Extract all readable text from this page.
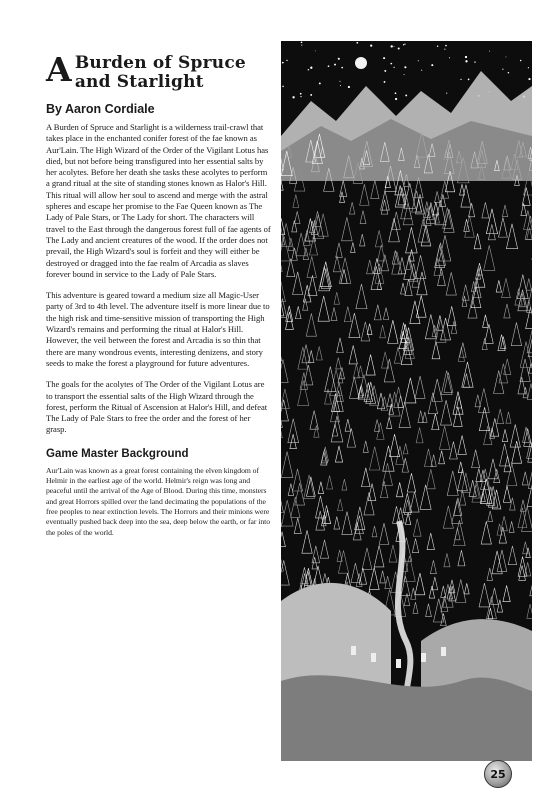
A Burden of Spruce and Starlight
By Aaron Cordiale

A Burden of Spruce and Starlight is a wilderness trail-crawl that takes place in the enchanted conifer forest of the fae known as Aur'Lain. The High Wizard of the Order of the Vigilant Lotus has died, but not before being transfigured into her essential salts by her acolytes. Before her death she tasks these acolytes to perform a grand ritual at the site of standing stones known as Halor's Hill. This ritual will allow her soul to ascend and merge with the astral spheres and escape her promise to the Fae Queen known as The Lady of Pale Stars, or The Lady for short. The characters will travel to the East through the dangerous forest full of fae agents of The Lady and ancient creatures of the wood. If the order does not prevail, the High Wizard's soul is forfeit and they will either be destroyed or dragged into the fae realm of Arcadia as slaves forever bound in service to the Lady of Pale Stars.

This adventure is geared toward a medium size all Magic-User party of 3rd to 4th level. The adventure itself is more linear due to the high risk and time-sensitive mission of transporting the High Wizard's remains and performing the ritual at Halor's Hill. However, the veil between the forest and Arcadia is so thin that there are many wondrous events, interesting denizens, and story seeds to make the forest a playground for future adventures.

The goals for the acolytes of The Order of the Vigilant Lotus are to transport the essential salts of the High Wizard through the forest, perform the Ritual of Ascension at Halor's Hill, and defeat The Lady of Pale Stars to free the order and the forest of her grasp.

Game Master Background

Aur'Lain was known as a great forest containing the elven kingdom of Helmir in the earliest age of the world. Helmir's reign was long and peaceful until the arrival of the Age of Blood. During this time, monsters and great Horrors spilled over the land decimating the populations of the free peoples to near extinction levels. The Horrors and their minions were eventually pushed back deep into the sea, deep below the earth, or far into the poles of the world.

25
